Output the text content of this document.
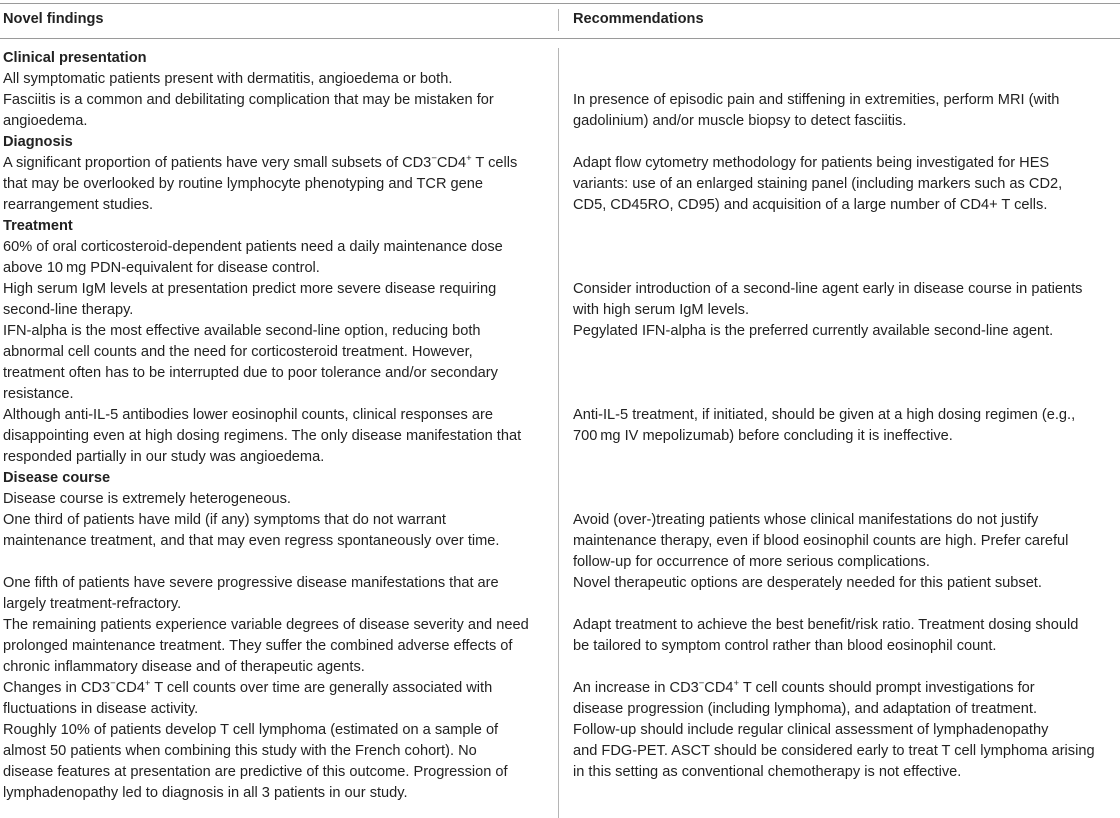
Novel findings	Recommendations
Clinical presentation
All symptomatic patients present with dermatitis, angioedema or both.
Fasciitis is a common and debilitating complication that may be mistaken for
angioedema.
In presence of episodic pain and stiffening in extremities, perform MRI (with
gadolinium) and/or muscle biopsy to detect fasciitis.
Diagnosis
A significant proportion of patients have very small subsets of CD3−CD4+ T cells
that may be overlooked by routine lymphocyte phenotyping and TCR gene
rearrangement studies.
Adapt flow cytometry methodology for patients being investigated for HES
variants: use of an enlarged staining panel (including markers such as CD2,
CD5, CD45RO, CD95) and acquisition of a large number of CD4+ T cells.
Treatment
60% of oral corticosteroid-dependent patients need a daily maintenance dose
above 10 mg PDN-equivalent for disease control.
High serum IgM levels at presentation predict more severe disease requiring
second-line therapy.
Consider introduction of a second-line agent early in disease course in patients
with high serum IgM levels.
IFN-alpha is the most effective available second-line option, reducing both
abnormal cell counts and the need for corticosteroid treatment. However,
treatment often has to be interrupted due to poor tolerance and/or secondary
resistance.
Pegylated IFN-alpha is the preferred currently available second-line agent.
Although anti-IL-5 antibodies lower eosinophil counts, clinical responses are
disappointing even at high dosing regimens. The only disease manifestation that
responded partially in our study was angioedema.
Anti-IL-5 treatment, if initiated, should be given at a high dosing regimen (e.g.,
700 mg IV mepolizumab) before concluding it is ineffective.
Disease course
Disease course is extremely heterogeneous.
One third of patients have mild (if any) symptoms that do not warrant
maintenance treatment, and that may even regress spontaneously over time.
Avoid (over-)treating patients whose clinical manifestations do not justify
maintenance therapy, even if blood eosinophil counts are high. Prefer careful
follow-up for occurrence of more serious complications.
One fifth of patients have severe progressive disease manifestations that are
largely treatment-refractory.
Novel therapeutic options are desperately needed for this patient subset.
The remaining patients experience variable degrees of disease severity and need
prolonged maintenance treatment. They suffer the combined adverse effects of
chronic inflammatory disease and of therapeutic agents.
Adapt treatment to achieve the best benefit/risk ratio. Treatment dosing should
be tailored to symptom control rather than blood eosinophil count.
Changes in CD3−CD4+ T cell counts over time are generally associated with
fluctuations in disease activity.
An increase in CD3−CD4+ T cell counts should prompt investigations for
disease progression (including lymphoma), and adaptation of treatment.
Roughly 10% of patients develop T cell lymphoma (estimated on a sample of
almost 50 patients when combining this study with the French cohort). No
disease features at presentation are predictive of this outcome. Progression of
lymphadenopathy led to diagnosis in all 3 patients in our study.
Follow-up should include regular clinical assessment of lymphadenopathy
and FDG-PET. ASCT should be considered early to treat T cell lymphoma arising
in this setting as conventional chemotherapy is not effective.
